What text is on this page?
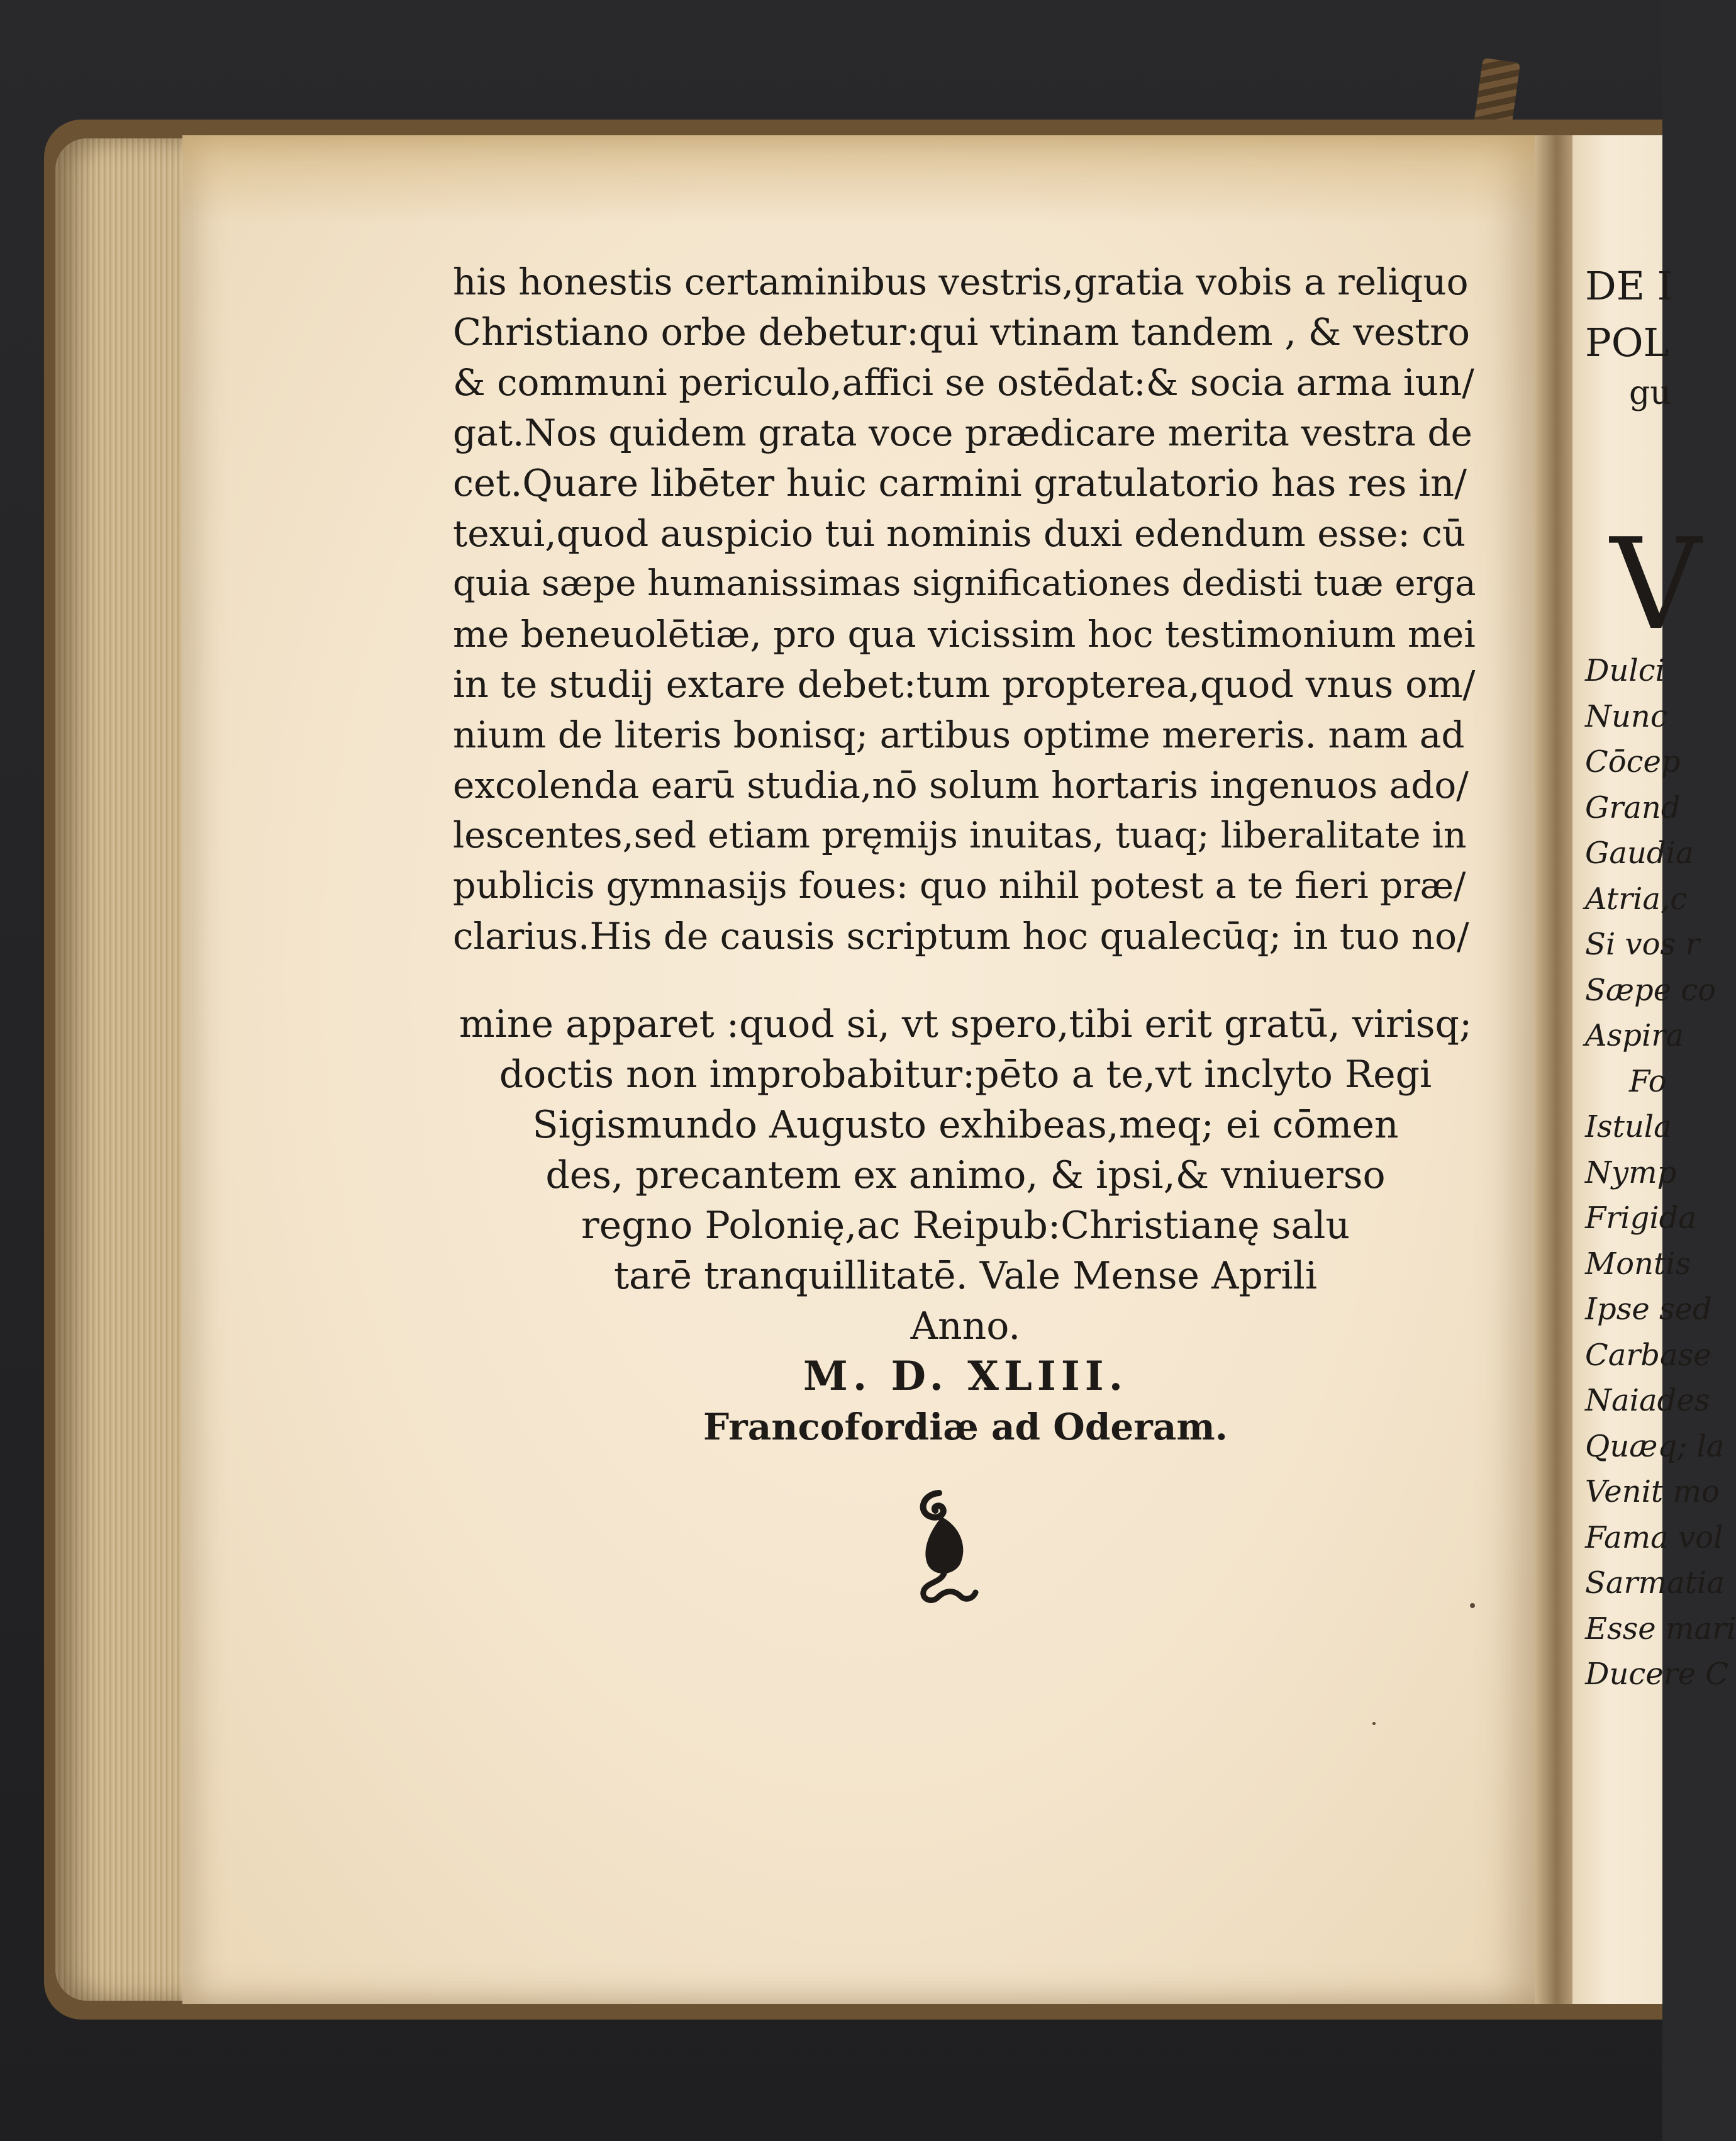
his honestis certaminibus vestris,gratia vobis a reliquo
Christiano orbe debetur:qui vtinam tandem , & vestro
& communi periculo,affici se ostēdat:& socia arma iun/
gat.Nos quidem grata voce prædicare merita vestra de
cet.Quare libēter huic carmini gratulatorio has res in/
texui,quod auspicio tui nominis duxi edendum esse: cū
quia sæpe humanissimas significationes dedisti tuæ erga
me beneuolētiæ, pro qua vicissim hoc testimonium mei
in te studij extare debet:tum propterea,quod vnus om/
nium de literis bonisq; artibus optime mereris. nam ad
excolenda earū studia,nō solum hortaris ingenuos ado/
lescentes,sed etiam pręmijs inuitas, tuaq; liberalitate in
publicis gymnasijs foues: quo nihil potest a te fieri præ/
clarius.His de causis scriptum hoc qualecūq; in tuo no/
mine apparet :quod si, vt spero,tibi erit gratū, virisq;
doctis non improbabitur:pēto a te,vt inclyto Regi
Sigismundo Augusto exhibeas,meq; ei cōmen
des, precantem ex animo, & ipsi,& vniuerso
regno Polonię,ac Reipub:Christianę salu
tarē tranquillitatē. Vale Mense Aprili
Anno.
M. D. XLIII.
Francofordiæ ad Oderam.
DE I
POL
gu
V
Dulci
Nunc
Cōcep
Grand
Gaudia
Atria,c
Si vos r
Sæpe co
Aspira
Fo
Istula
Nymp
Frigida
Montis
Ipse sed
Carbase
Naiades
Quæq; la
Venit mo
Fama vol
Sarmatia
Esse mari
Ducere C
